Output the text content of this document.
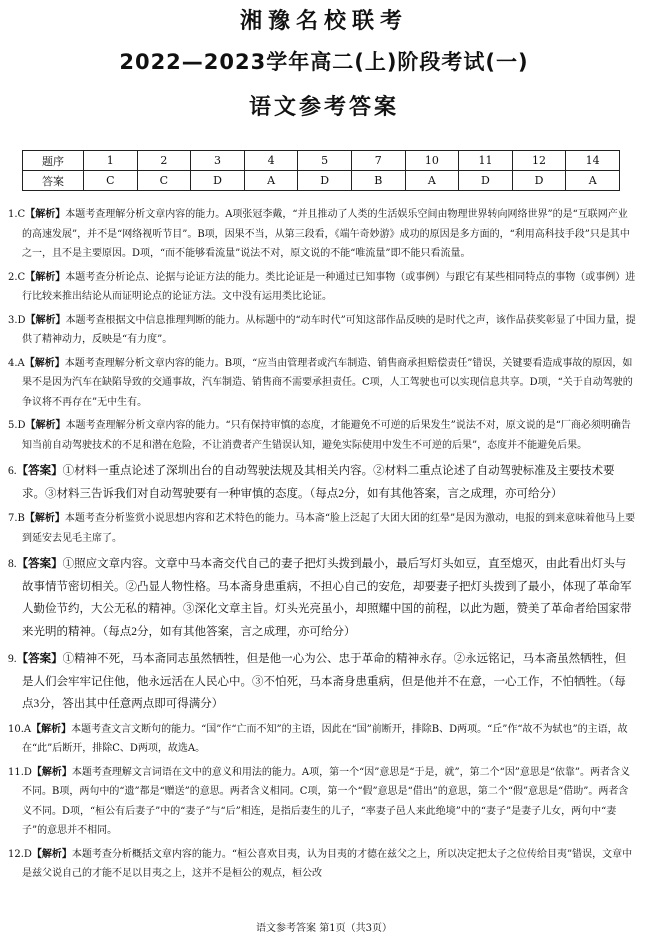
湘豫名校联考
2022—2023学年高二(上)阶段考试(一)
语文参考答案
题序	1	2	3	4	5	7	10	11	12	14
答案	C	C	D	A	D	B	A	D	D	A
1.C【解析】本题考查理解分析文章内容的能力。A项张冠李戴，“并且推动了人类的生活娱乐空间由物理世界转向网络世界”的是“互联网产业的高速发展”，并不是“网络视听节目”。B项，因果不当，从第三段看，《端午奇妙游》成功的原因是多方面的，“利用高科技手段”只是其中之一，且不是主要原因。D项，“而不能够看流量”说法不对，原文说的不能“唯流量”即不能只看流量。
2.C【解析】本题考查分析论点、论据与论证方法的能力。类比论证是一种通过已知事物（或事例）与跟它有某些相同特点的事物（或事例）进行比较来推出结论从而证明论点的论证方法。文中没有运用类比论证。
3.D【解析】本题考查根据文中信息推理判断的能力。从标题中的“动车时代”可知这部作品反映的是时代之声，该作品获奖彰显了中国力量，提供了精神动力，反映是“有力度”。
4.A【解析】本题考查理解分析文章内容的能力。B项，“应当由管理者或汽车制造、销售商承担赔偿责任”错误，关键要看造成事故的原因，如果不是因为汽车在缺陷导致的交通事故，汽车制造、销售商不需要承担责任。C项，人工驾驶也可以实现信息共享。D项，“关于自动驾驶的争议将不再存在”无中生有。
5.D【解析】本题考查理解分析文章内容的能力。“只有保持审慎的态度，才能避免不可逆的后果发生”说法不对，原文说的是“厂商必须明确告知当前自动驾驶技术的不足和潜在危险，不让消费者产生错误认知，避免实际使用中发生不可逆的后果”，态度并不能避免后果。
6.【答案】①材料一重点论述了深圳出台的自动驾驶法规及其相关内容。②材料二重点论述了自动驾驶标准及主要技术要求。③材料三告诉我们对自动驾驶要有一种审慎的态度。（每点2分，如有其他答案，言之成理，亦可给分）
7.B【解析】本题考查分析鉴赏小说思想内容和艺术特色的能力。马本斋“脸上泛起了大团大团的红晕”是因为激动，电报的到来意味着他马上要到延安去见毛主席了。
8.【答案】①照应文章内容。文章中马本斋交代自己的妻子把灯头拨到最小，最后写灯头如豆，直至熄灭，由此看出灯头与故事情节密切相关。②凸显人物性格。马本斋身患重病，不担心自己的安危，却要妻子把灯头拨到了最小，体现了革命军人勤俭节约，大公无私的精神。③深化文章主旨。灯头光亮虽小，却照耀中国的前程，以此为题，赞美了革命者给国家带来光明的精神。（每点2分，如有其他答案，言之成理，亦可给分）
9.【答案】①精神不死，马本斋同志虽然牺牲，但是他一心为公、忠于革命的精神永存。②永远铭记，马本斋虽然牺牲，但是人们会牢牢记住他，他永远活在人民心中。③不怕死，马本斋身患重病，但是他并不在意，一心工作，不怕牺牲。（每点3分，答出其中任意两点即可得满分）
10.A【解析】本题考查文言文断句的能力。“国”作“亡而不知”的主语，因此在“国”前断开，排除B、D两项。“丘”作“故不为轼也”的主语，故在“此”后断开，排除C、D两项，故选A。
11.D【解析】本题考查理解文言词语在文中的意义和用法的能力。A项，第一个“因”意思是“于是，就”，第二个“因”意思是“依靠”。两者含义不同。B项，两句中的“遗”都是“赠送”的意思。两者含义相同。C项，第一个“假”意思是“借出”的意思，第二个“假”意思是“借助”。两者含义不同。D项，“桓公有后妻子”中的“妻子”与“后”相连，是指后妻生的儿子，“率妻子邑人来此绝境”中的“妻子”是妻子儿女，两句中“妻子”的意思并不相同。
12.D【解析】本题考查分析概括文章内容的能力。“桓公喜欢目夷，认为目夷的才德在兹父之上，所以决定把太子之位传给目夷”错误，文章中是兹父说自己的才能不足以目夷之上，这并不是桓公的观点，桓公改
语文参考答案 第1页（共3页）
